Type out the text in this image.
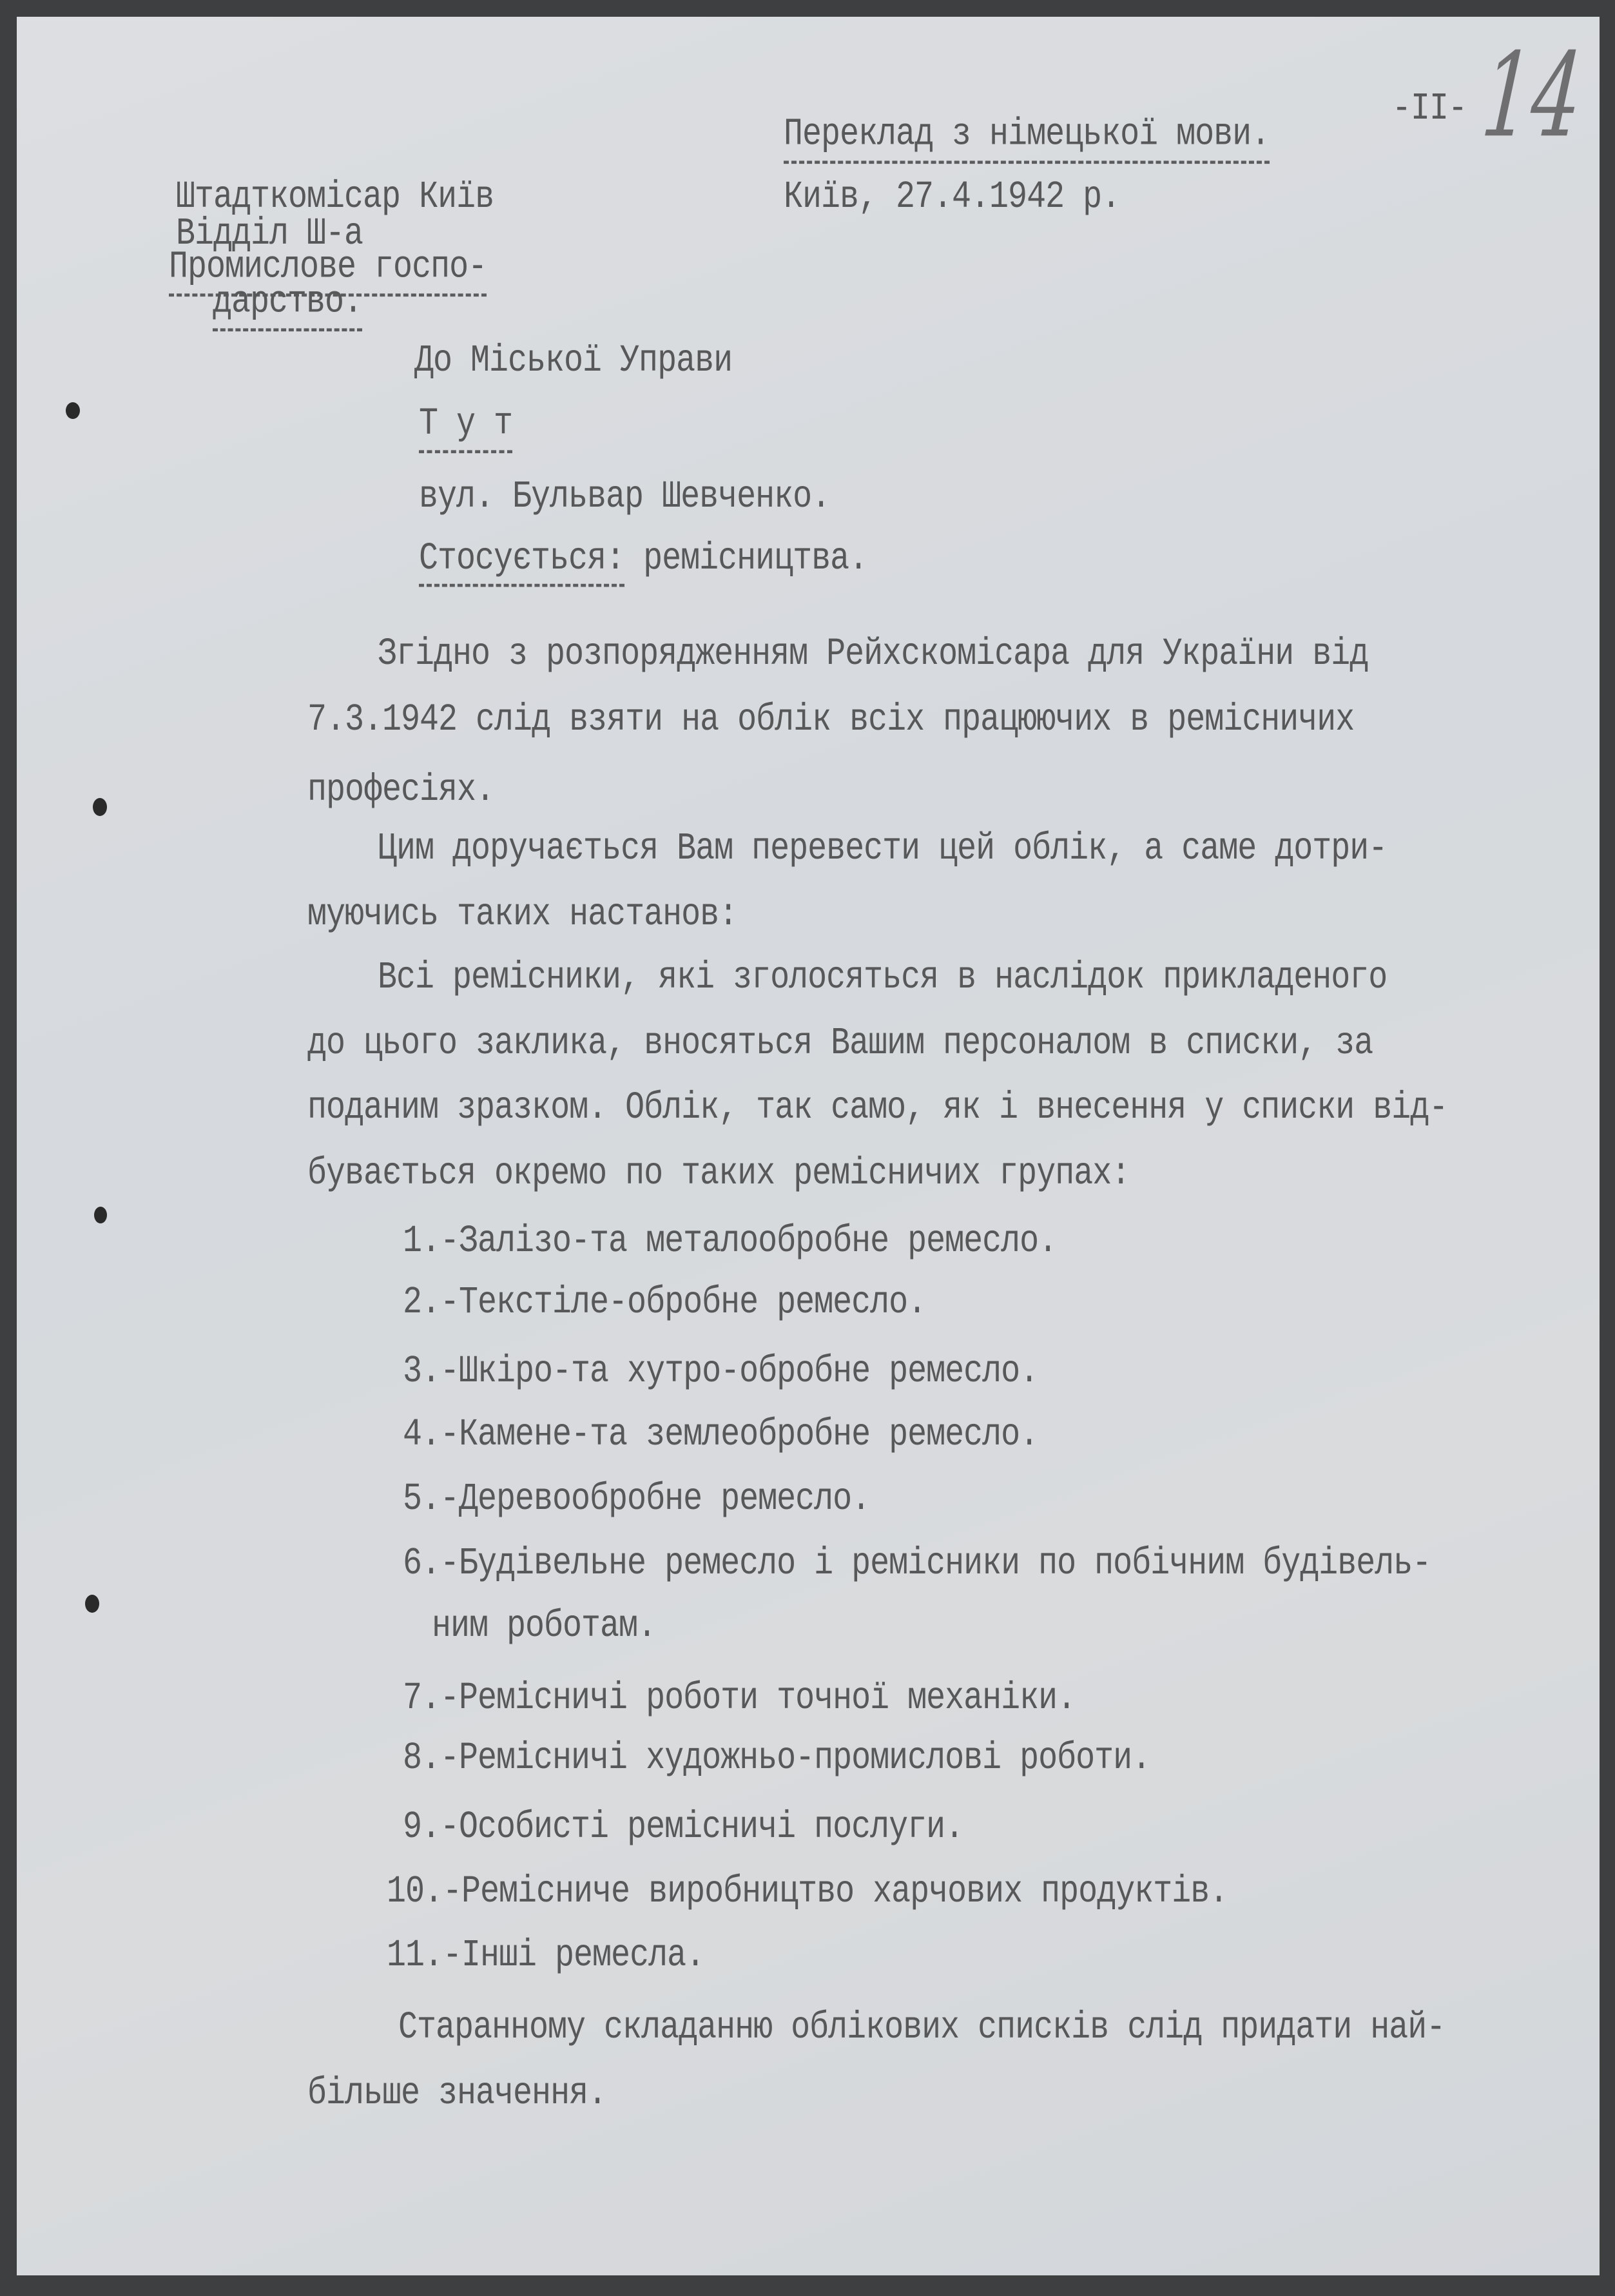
Переклад з німецької мови.
-II- 14
Київ, 27.4.1942 р.
Штадткомісар Київ
Відділ Ш-а
Промислове госпо-
дарство.
До Міської Управи
Т у т
вул. Бульвар Шевченко.
Стосується: ремісництва.
Згідно з розпорядженням Рейхскомісара для України від
7.3.1942 слід взяти на облік всіх працюючих в ремісничих
професіях.
Цим доручається Вам перевести цей облік, а саме дотри-
муючись таких настанов:
Всі ремісники, які зголосяться в наслідок прикладеного
до цього заклика, вносяться Вашим персоналом в списки, за
поданим зразком. Облік, так само, як і внесення у списки від-
бувається окремо по таких ремісничих групах:
1.-Залізо-та металообробне ремесло.
2.-Текстіле-обробне ремесло.
3.-Шкіро-та хутро-обробне ремесло.
4.-Камене-та землеобробне ремесло.
5.-Деревообробне ремесло.
6.-Будівельне ремесло і ремісники по побічним будівель-
ним роботам.
7.-Ремісничі роботи точної механіки.
8.-Ремісничі художньо-промислові роботи.
9.-Особисті ремісничі послуги.
10.-Ремісниче виробництво харчових продуктів.
11.-Інші ремесла.
Старанному складанню облікових списків слід придати най-
більше значення.
